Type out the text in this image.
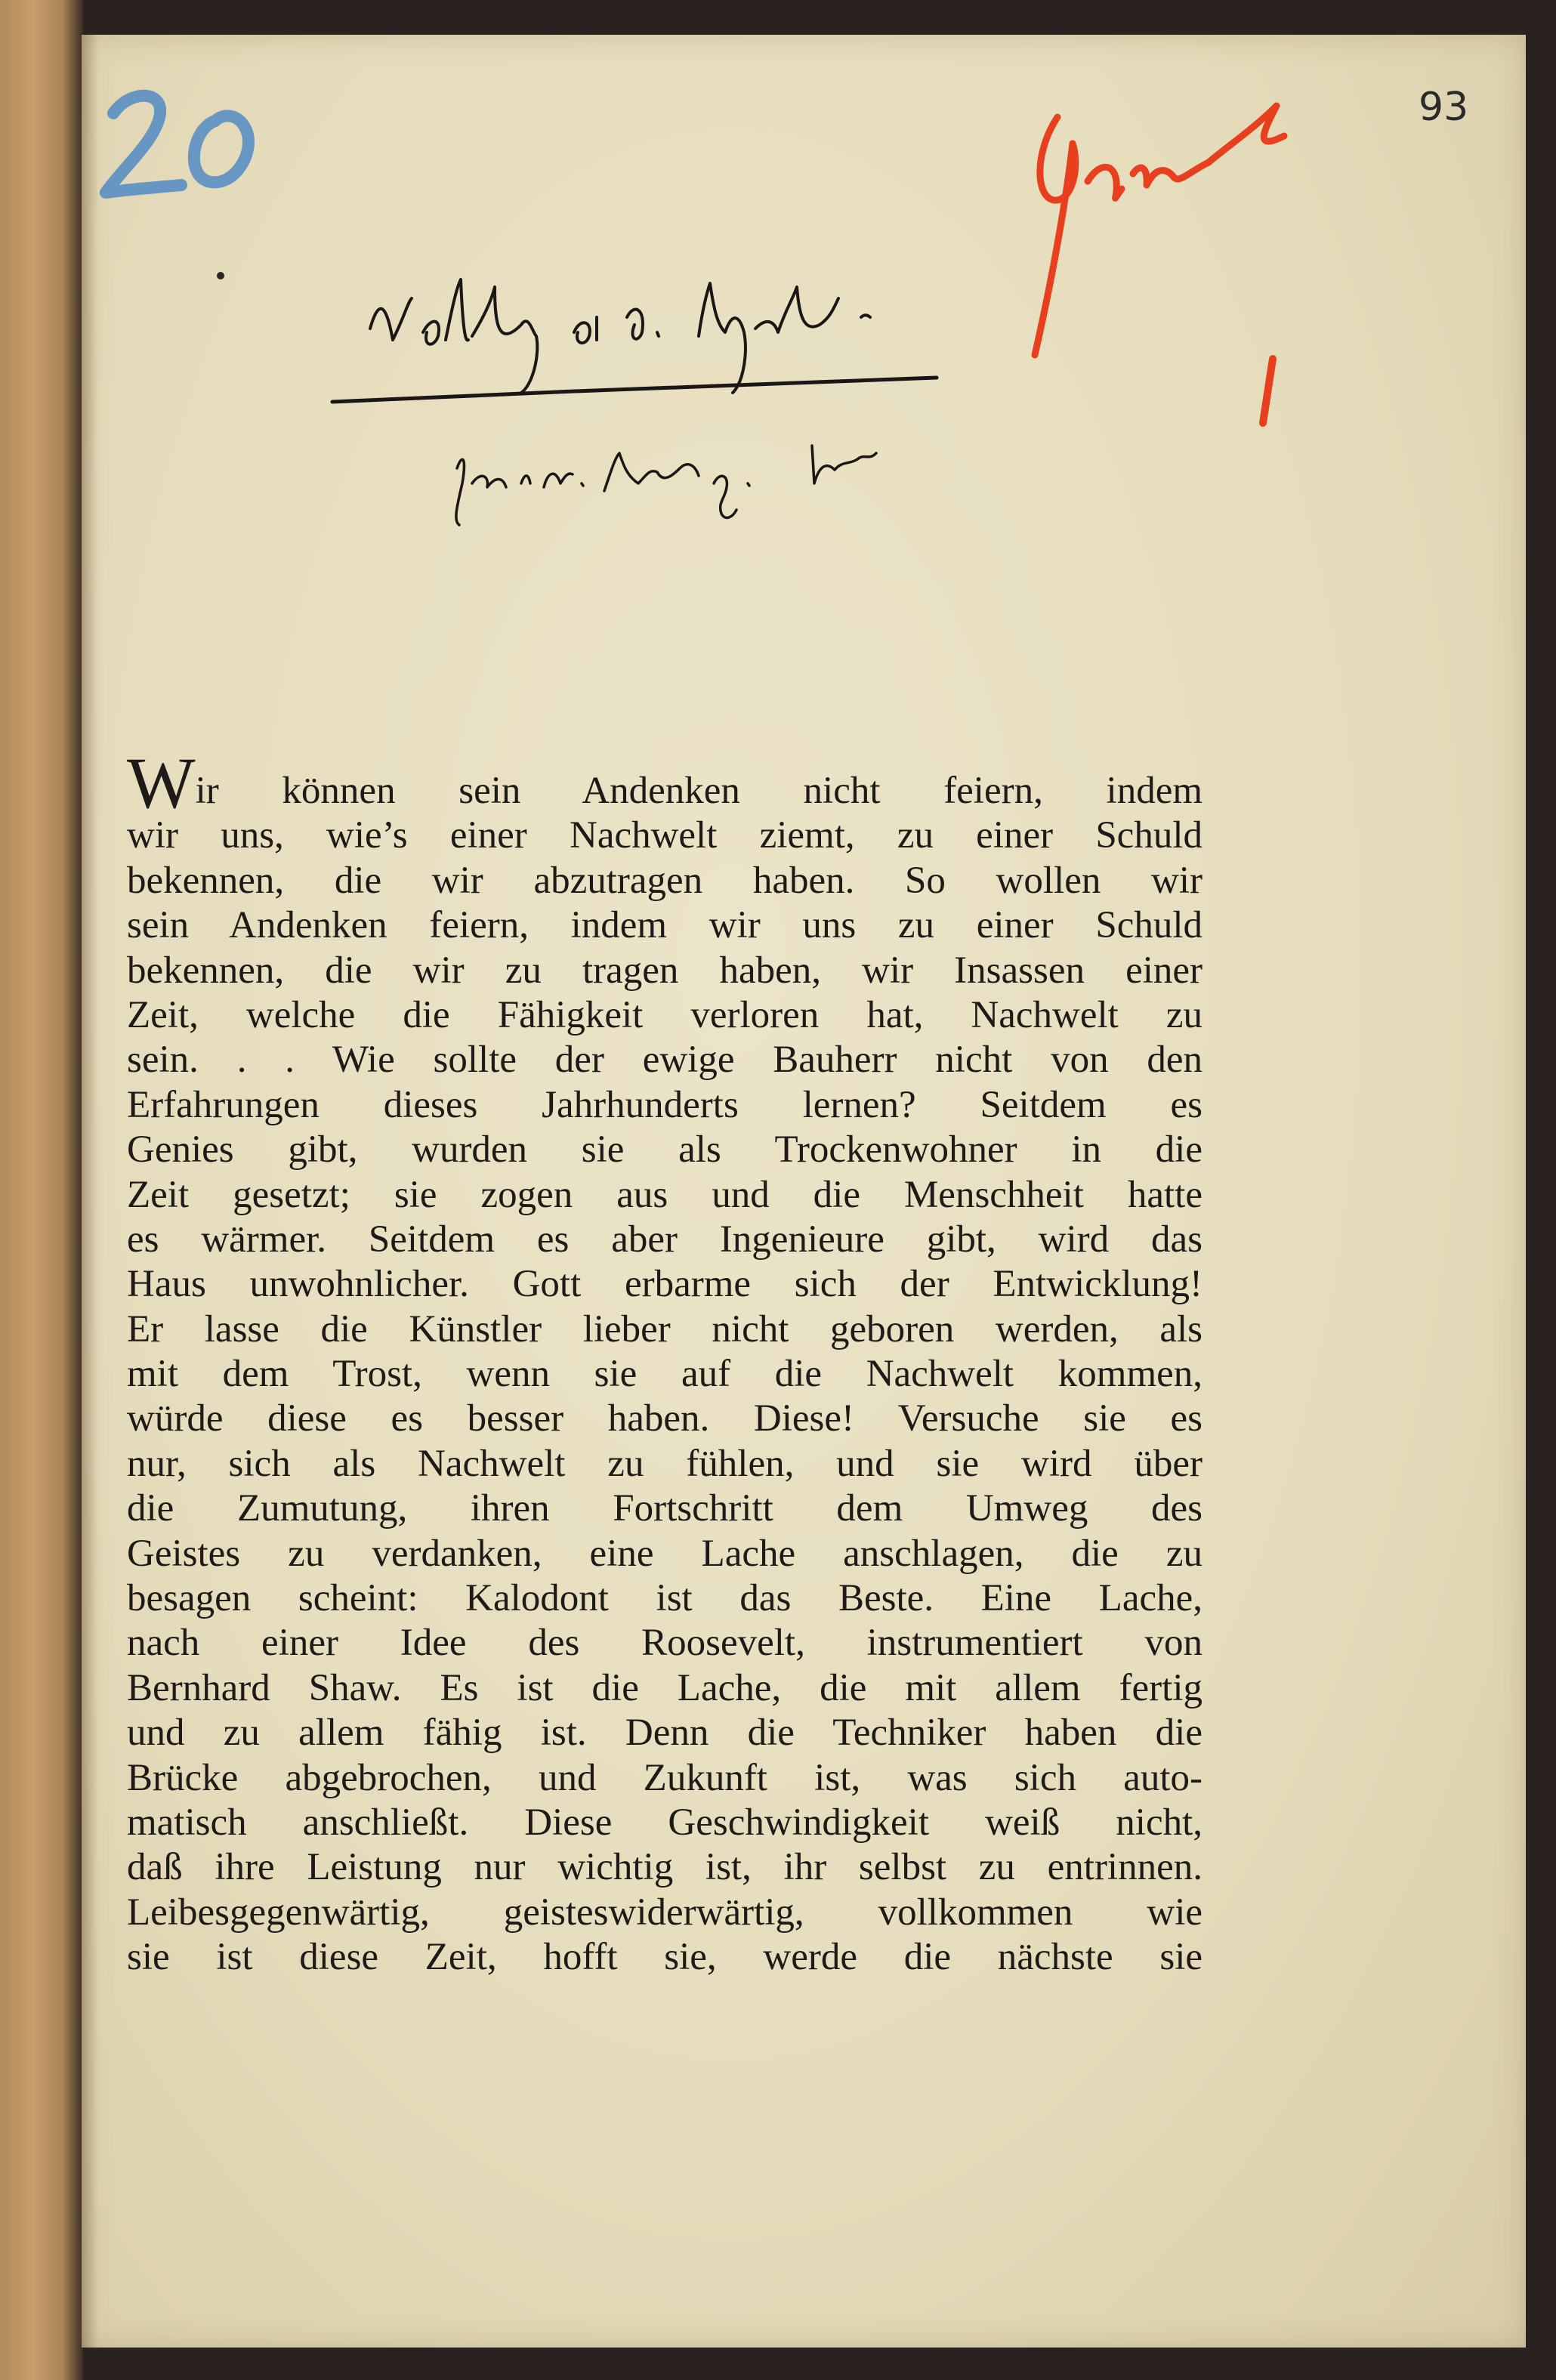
93
Wir können sein Andenken nicht feiern, indem
wir uns, wie’s einer Nachwelt ziemt, zu einer Schuld
bekennen, die wir abzutragen haben. So wollen wir
sein Andenken feiern, indem wir uns zu einer Schuld
bekennen, die wir zu tragen haben, wir Insassen einer
Zeit, welche die Fähigkeit verloren hat, Nachwelt zu
sein. . . Wie sollte der ewige Bauherr nicht von den
Erfahrungen dieses Jahrhunderts lernen? Seitdem es
Genies gibt, wurden sie als Trockenwohner in die
Zeit gesetzt; sie zogen aus und die Menschheit hatte
es wärmer. Seitdem es aber Ingenieure gibt, wird das
Haus unwohnlicher. Gott erbarme sich der Entwicklung!
Er lasse die Künstler lieber nicht geboren werden, als
mit dem Trost, wenn sie auf die Nachwelt kommen,
würde diese es besser haben. Diese! Versuche sie es
nur, sich als Nachwelt zu fühlen, und sie wird über
die Zumutung, ihren Fortschritt dem Umweg des
Geistes zu verdanken, eine Lache anschlagen, die zu
besagen scheint: Kalodont ist das Beste. Eine Lache,
nach einer Idee des Roosevelt, instrumentiert von
Bernhard Shaw. Es ist die Lache, die mit allem fertig
und zu allem fähig ist. Denn die Techniker haben die
Brücke abgebrochen, und Zukunft ist, was sich auto-
matisch anschließt. Diese Geschwindigkeit weiß nicht,
daß ihre Leistung nur wichtig ist, ihr selbst zu entrinnen.
Leibesgegenwärtig, geisteswiderwärtig, vollkommen wie
sie ist diese Zeit, hofft sie, werde die nächste sie
